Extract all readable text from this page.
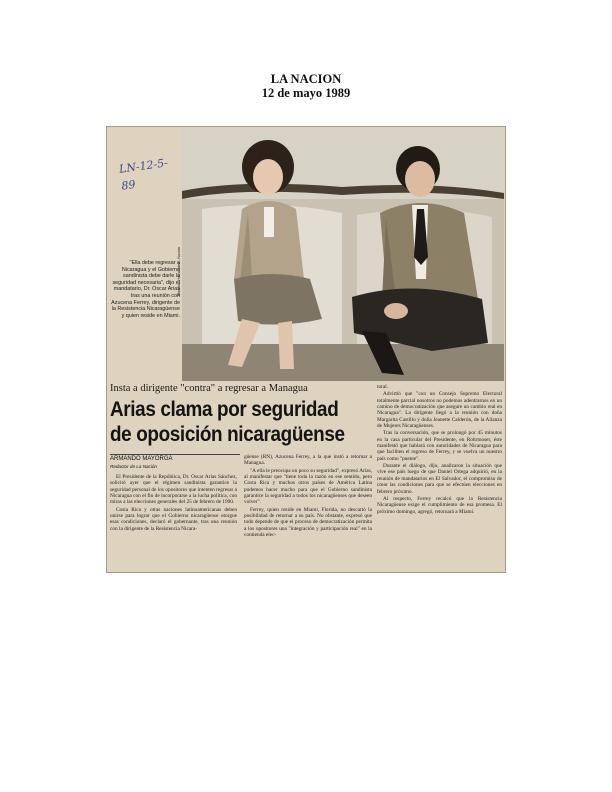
LA NACION
12 de mayo 1989
LN-12-5-
89
"Ella debe regresar a Nicaragua y el Gobierno sandinista debe darle la seguridad necesaria", dijo el mandatario, Dr. Oscar Arias tras una reunión con Azucena Ferrey, dirigente de la Resistencia Nicaragüense y quien reside en Miami.
Mauricio Hernández - Nación
Insta a dirigente "contra" a regresar a Managua
Arias clama por seguridad de oposición nicaragüense
ARMANDO MAYORGA
Redactor de La Nación

El Presidente de la República, Dr. Oscar Arias Sánchez, solicitó ayer que el régimen sandinista garantice la seguridad personal de los opositores que intenten regresar a Nicaragua con el fin de incorporarse a la lucha política, con miras a las elecciones generales del 25 de febrero de 1990.

Costa Rica y otras naciones latinoamericanas deben unirse para lograr que el Gobierno nicaragüense otorgue esas condiciones, declaró el gobernante, tras una reunión con la dirigente de la Resistencia Nicara-

güense (RN), Azucena Ferrey, a la que instó a retornar a Managua.

"A ella le preocupa un poco su seguridad", expresó Arias, al manifestar que "tiene toda la razón en ese sentido, pero Costa Rica y muchos otros países de América Latina podemos hacer mucho para que el Gobierno sandinista garantice la seguridad a todos los nicaragüenses que deseen volver".

Ferrey, quien reside en Miami, Florida, no descartó la posibilidad de retornar a su país. No obstante, expresó que todo depende de que el proceso de democratización permita a los opositores una "integración y participación real" en la contienda elec-

toral.

Advirtió que "con un Consejo Supremo Electoral totalmente parcial nosotros no podemos adentrarnos en un camino de democratización que asegure un cambio real en Nicaragua". La dirigente llegó a la reunión con doña Margarita Castillo y doña Jeanette Calderón, de la Alianza de Mujeres Nicaragüenses.

Tras la conversación, que se prolongó por 45 minutos en la casa particular del Presidente, en Rohrmoser, éste manifestó que hablará con autoridades de Nicaragua para que faciliten el regreso de Ferrey, y se vuelva un nuestro país como "puente".

Durante el diálogo, dijo, analizaron la situación que vive ese país luego de que Daniel Ortega adquirió, en la reunión de mandatarios en El Salvador, el compromiso de crear las condiciones para que se efectúen elecciones en febrero próximo.

Al respecto, Ferrey recalcó que la Resistencia Nicaragüense exige el cumplimiento de esa promesa. El próximo domingo, agregó, retornará a Miami.
